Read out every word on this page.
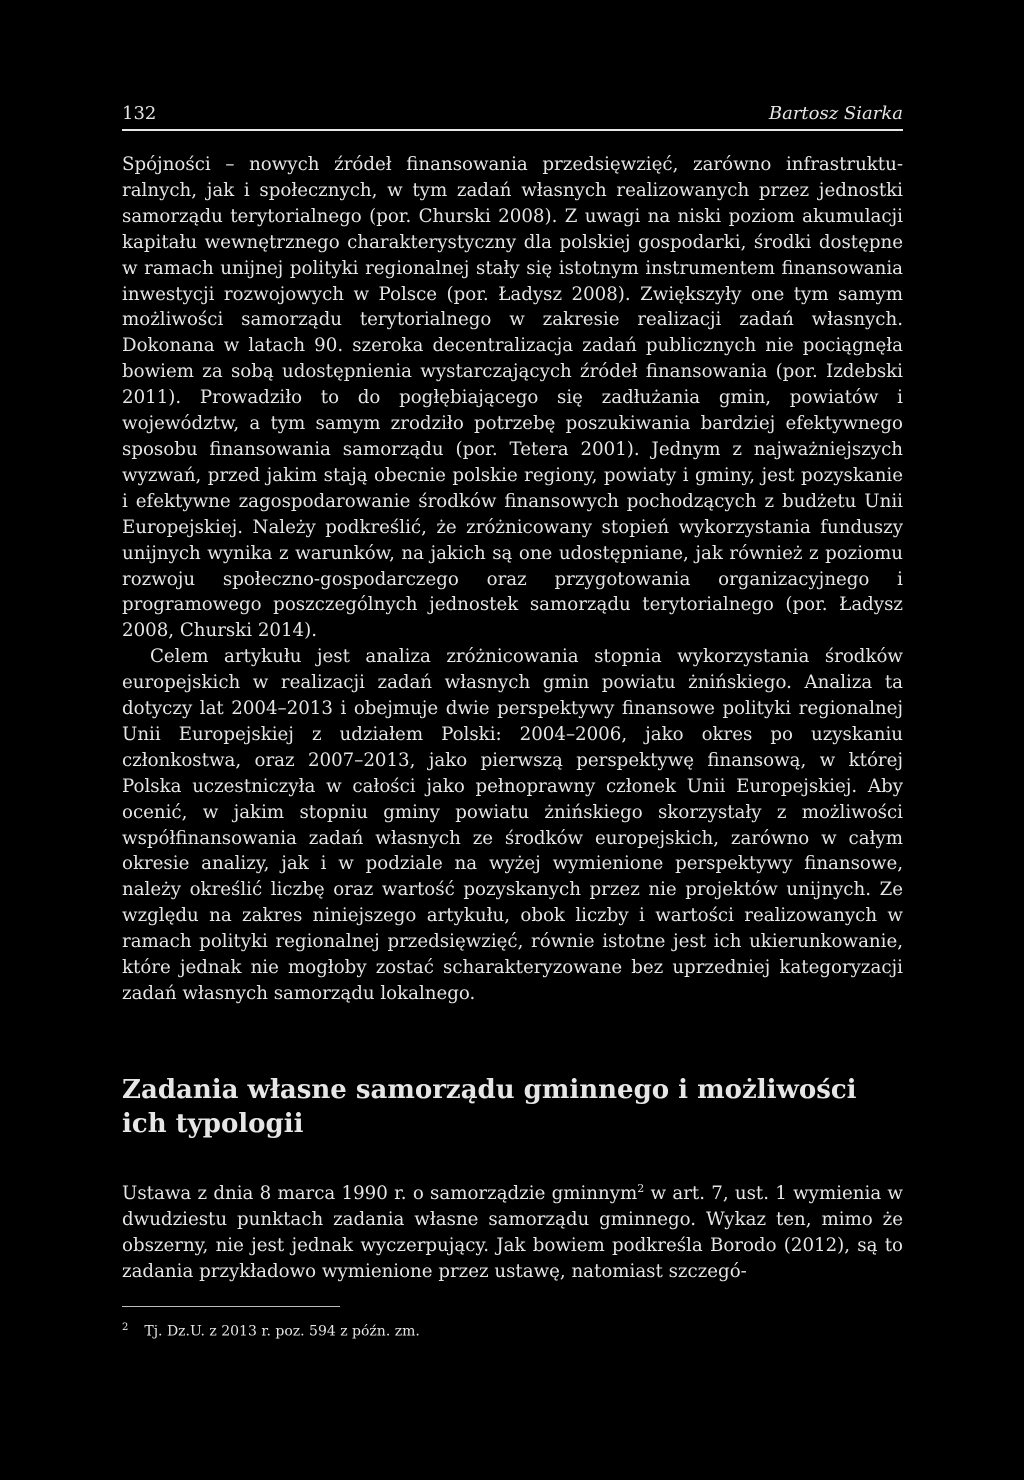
132	Bartosz Siarka

Spójności – nowych źródeł finansowania przedsięwzięć, zarówno infrastrukturalnych, jak i społecznych, w tym zadań własnych realizowanych przez jednostki samorządu terytorialnego (por. Churski 2008). Z uwagi na niski poziom akumulacji kapitału wewnętrznego charakterystyczny dla polskiej gospodarki, środki dostępne w ramach unijnej polityki regionalnej stały się istotnym instrumentem finansowania inwestycji rozwojowych w Polsce (por. Ładysz 2008). Zwiększyły one tym samym możliwości samorządu terytorialnego w zakresie realizacji zadań własnych. Dokonana w latach 90. szeroka decentralizacja zadań publicznych nie pociągnęła bowiem za sobą udostępnienia wystarczających źródeł finansowania (por. Izdebski 2011). Prowadziło to do pogłębiającego się zadłużania gmin, powiatów i województw, a tym samym zrodziło potrzebę poszukiwania bardziej efektywnego sposobu finansowania samorządu (por. Tetera 2001). Jednym z najważniejszych wyzwań, przed jakim stają obecnie polskie regiony, powiaty i gminy, jest pozyskanie i efektywne zagospodarowanie środków finansowych pochodzących z budżetu Unii Europejskiej. Należy podkreślić, że zróżnicowany stopień wykorzystania funduszy unijnych wynika z warunków, na jakich są one udostępniane, jak również z poziomu rozwoju społeczno-gospodarczego oraz przygotowania organizacyjnego i programowego poszczególnych jednostek samorządu terytorialnego (por. Ładysz 2008, Churski 2014).

Celem artykułu jest analiza zróżnicowania stopnia wykorzystania środków europejskich w realizacji zadań własnych gmin powiatu żnińskiego. Analiza ta dotyczy lat 2004–2013 i obejmuje dwie perspektywy finansowe polityki regionalnej Unii Europejskiej z udziałem Polski: 2004–2006, jako okres po uzyskaniu członkostwa, oraz 2007–2013, jako pierwszą perspektywę finansową, w której Polska uczestniczyła w całości jako pełnoprawny członek Unii Europejskiej. Aby ocenić, w jakim stopniu gminy powiatu żnińskiego skorzystały z możliwości współfinansowania zadań własnych ze środków europejskich, zarówno w całym okresie analizy, jak i w podziale na wyżej wymienione perspektywy finansowe, należy określić liczbę oraz wartość pozyskanych przez nie projektów unijnych. Ze względu na zakres niniejszego artykułu, obok liczby i wartości realizowanych w ramach polityki regionalnej przedsięwzięć, równie istotne jest ich ukierunkowanie, które jednak nie mogłoby zostać scharakteryzowane bez uprzedniej kategoryzacji zadań własnych samorządu lokalnego.

Zadania własne samorządu gminnego i możliwości ich typologii

Ustawa z dnia 8 marca 1990 r. o samorządzie gminnym$^2$ w art. 7, ust. 1 wymienia w dwudziestu punktach zadania własne samorządu gminnego. Wykaz ten, mimo że obszerny, nie jest jednak wyczerpujący. Jak bowiem podkreśla Borodo (2012), są to zadania przykładowo wymienione przez ustawę, natomiast szczegó-

$^2$ Tj. Dz.U. z 2013 r. poz. 594 z późn. zm.
